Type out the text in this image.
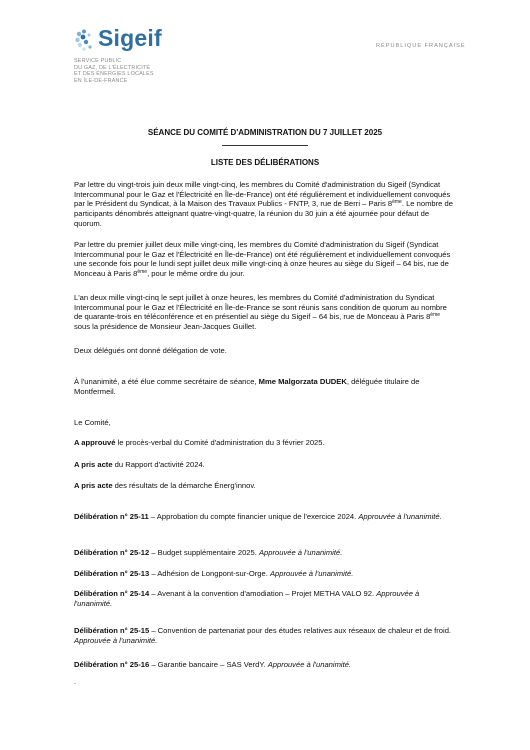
Sigeif
SERVICE PUBLIC
DU GAZ, DE L'ÉLECTRICITÉ
ET DES ÉNERGIES LOCALES
EN ÎLE-DE-FRANCE
RÉPUBLIQUE FRANÇAISE
SÉANCE DU COMITÉ D'ADMINISTRATION DU 7 JUILLET 2025
LISTE DES DÉLIBÉRATIONS

Par lettre du vingt-trois juin deux mille vingt-cinq, les membres du Comité d'administration du Sigeif (Syndicat Intercommunal pour le Gaz et l'Électricité en Île-de-France) ont été régulièrement et individuellement convoqués par le Président du Syndicat, à la Maison des Travaux Publics - FNTP, 3, rue de Berri – Paris 8ème. Le nombre de participants dénombrés atteignant quatre-vingt-quatre, la réunion du 30 juin a été ajournée pour défaut de quorum.

Par lettre du premier juillet deux mille vingt-cinq, les membres du Comité d'administration du Sigeif (Syndicat Intercommunal pour le Gaz et l'Électricité en Île-de-France) ont été régulièrement et individuellement convoqués une seconde fois pour le lundi sept juillet deux mille vingt-cinq à onze heures au siège du Sigeif – 64 bis, rue de Monceau à Paris 8ème, pour le même ordre du jour.

L'an deux mille vingt-cinq le sept juillet à onze heures, les membres du Comité d'administration du Syndicat Intercommunal pour le Gaz et l'Électricité en Île-de-France se sont réunis sans condition de quorum au nombre de quarante-trois en téléconférence et en présentiel au siège du Sigeif – 64 bis, rue de Monceau à Paris 8ème sous la présidence de Monsieur Jean-Jacques Guillet.

Deux délégués ont donné délégation de vote.

À l'unanimité, a été élue comme secrétaire de séance, Mme Malgorzata DUDEK, déléguée titulaire de Montfermeil.

Le Comité,

A approuvé le procès-verbal du Comité d'administration du 3 février 2025.

A pris acte du Rapport d'activité 2024.

A pris acte des résultats de la démarche Énerg'innov.

Délibération n° 25-11 – Approbation du compte financier unique de l'exercice 2024. Approuvée à l'unanimité.

Délibération n° 25-12 – Budget supplémentaire 2025. Approuvée à l'unanimité.

Délibération n° 25-13 – Adhésion de Longpont-sur-Orge. Approuvée à l'unanimité.

Délibération n° 25-14 – Avenant à la convention d'amodiation – Projet METHA VALO 92. Approuvée à l'unanimité.

Délibération n° 25-15 – Convention de partenariat pour des études relatives aux réseaux de chaleur et de froid. Approuvée à l'unanimité.

Délibération n° 25-16 – Garantie bancaire – SAS VerdY. Approuvée à l'unanimité.

.
